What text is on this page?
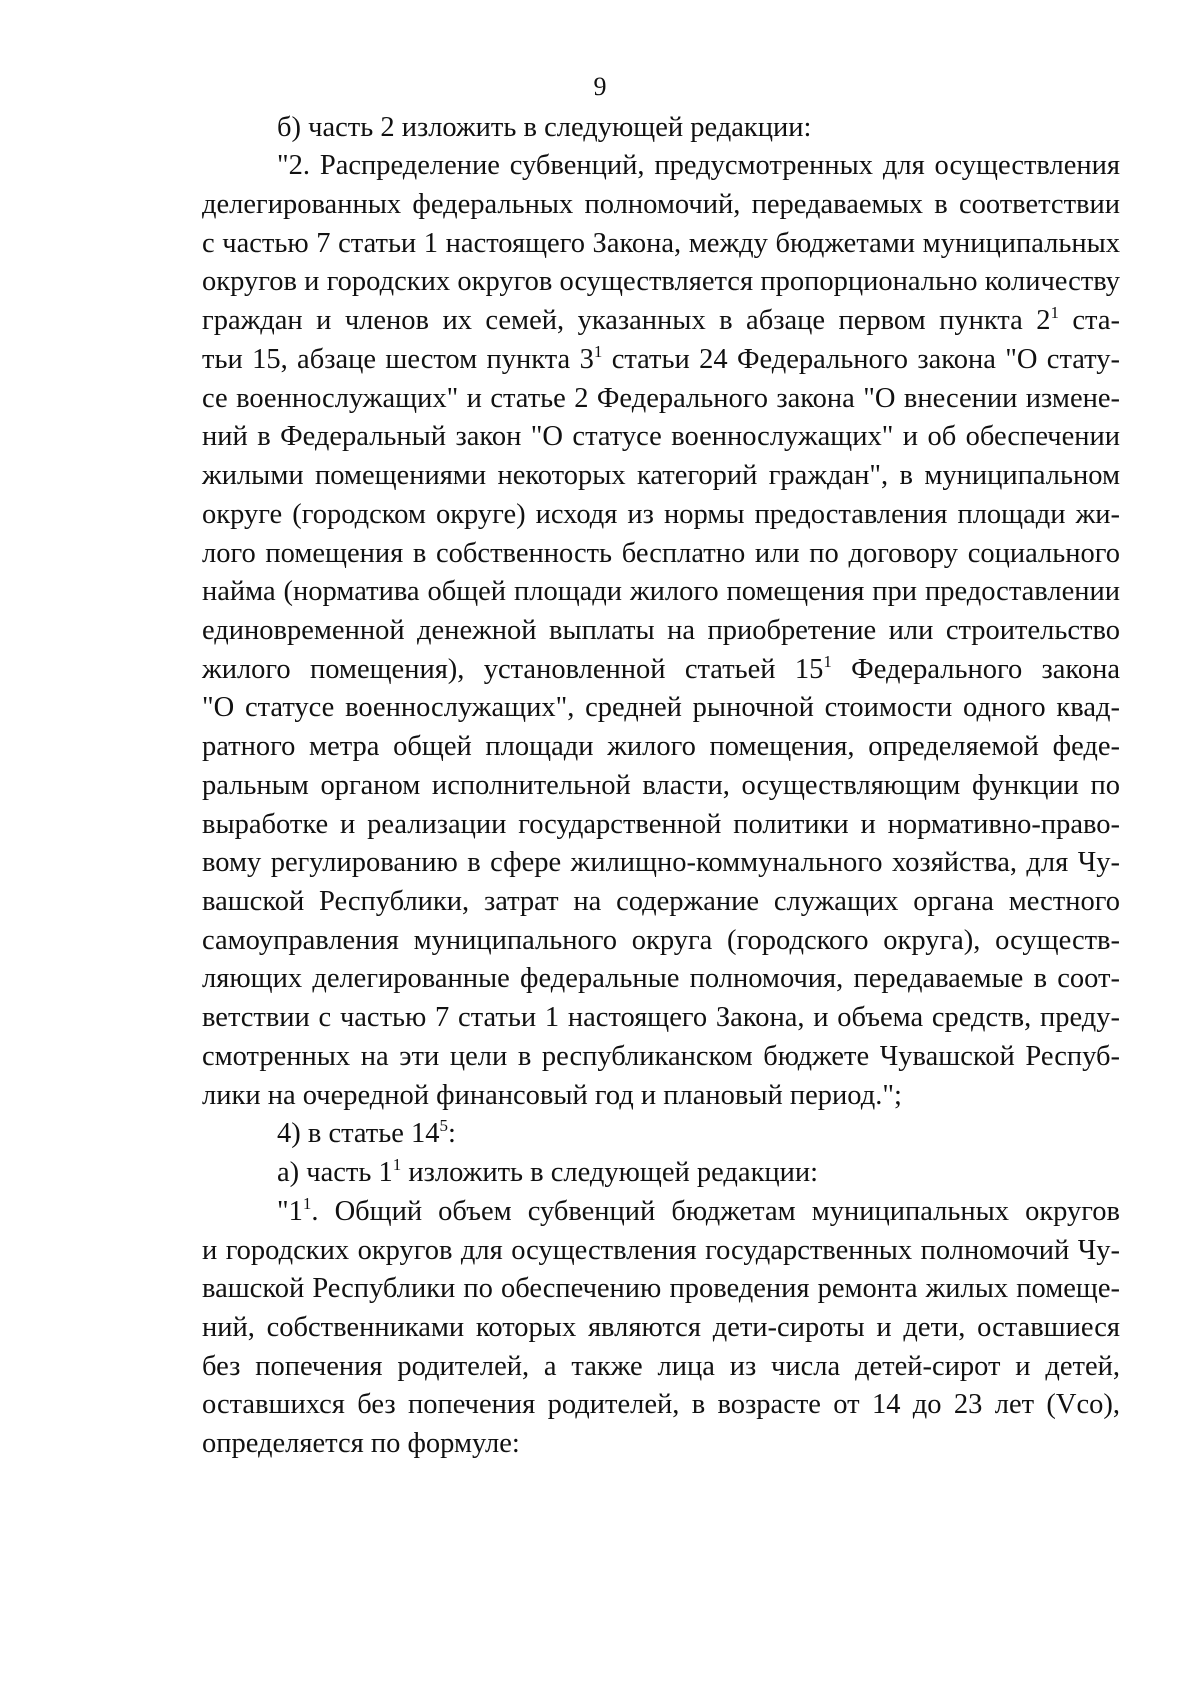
9
б) часть 2 изложить в следующей редакции:
"2. Распределение субвенций, предусмотренных для осуществления
делегированных федеральных полномочий, передаваемых в соответствии
с частью 7 статьи 1 настоящего Закона, между бюджетами муниципальных
округов и городских округов осуществляется пропорционально количеству
граждан и членов их семей, указанных в абзаце первом пункта $2^1$ ста-
тьи 15, абзаце шестом пункта $3^1$ статьи 24 Федерального закона "О стату-
се военнослужащих" и статье 2 Федерального закона "О внесении измене-
ний в Федеральный закон "О статусе военнослужащих" и об обеспечении
жилыми помещениями некоторых категорий граждан", в муниципальном
округе (городском округе) исходя из нормы предоставления площади жи-
лого помещения в собственность бесплатно или по договору социального
найма (норматива общей площади жилого помещения при предоставлении
единовременной денежной выплаты на приобретение или строительство
жилого помещения), установленной статьей $15^1$ Федерального закона
"О статусе военнослужащих", средней рыночной стоимости одного квад-
ратного метра общей площади жилого помещения, определяемой феде-
ральным органом исполнительной власти, осуществляющим функции по
выработке и реализации государственной политики и нормативно-право-
вому регулированию в сфере жилищно-коммунального хозяйства, для Чу-
вашской Республики, затрат на содержание служащих органа местного
самоуправления муниципального округа (городского округа), осуществ-
ляющих делегированные федеральные полномочия, передаваемые в соот-
ветствии с частью 7 статьи 1 настоящего Закона, и объема средств, преду-
смотренных на эти цели в республиканском бюджете Чувашской Респуб-
лики на очередной финансовый год и плановый период.";
4) в статье $14^5$:
а) часть $1^1$ изложить в следующей редакции:
"$1^1$. Общий объем субвенций бюджетам муниципальных округов
и городских округов для осуществления государственных полномочий Чу-
вашской Республики по обеспечению проведения ремонта жилых помеще-
ний, собственниками которых являются дети-сироты и дети, оставшиеся
без попечения родителей, а также лица из числа детей-сирот и детей,
оставшихся без попечения родителей, в возрасте от 14 до 23 лет (Vсо),
определяется по формуле:
